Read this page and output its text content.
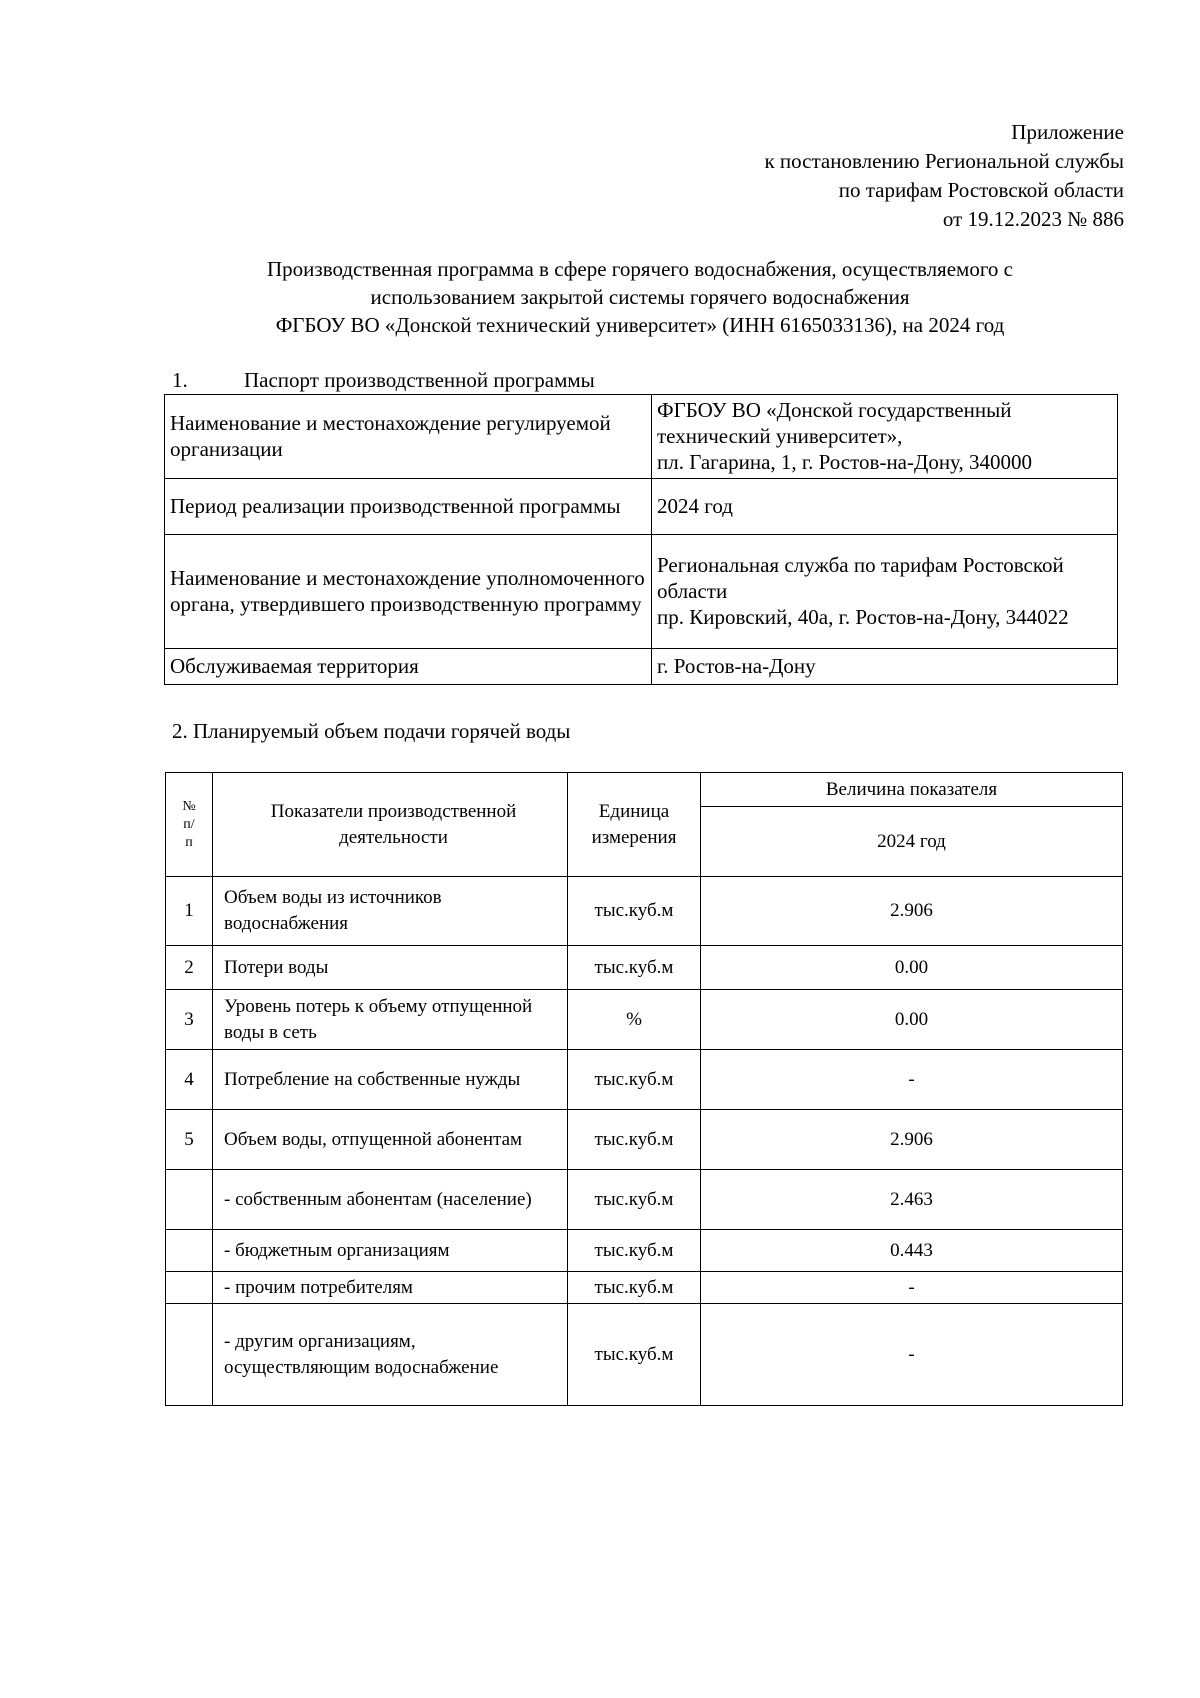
Приложение
к постановлению Региональной службы
по тарифам Ростовской области
от 19.12.2023 № 886
Производственная программа в сфере горячего водоснабжения, осуществляемого с
использованием закрытой системы горячего водоснабжения
ФГБОУ ВО «Донской технический университет» (ИНН 6165033136), на 2024 год
1.	Паспорт производственной программы
Наименование и местонахождение регулируемой организации	ФГБОУ ВО «Донской государственный технический университет»,
пл. Гагарина, 1, г. Ростов-на-Дону, 340000

Период реализации производственной программы	2024 год

Наименование и местонахождение уполномоченного органа, утвердившего производственную программу	Региональная служба по тарифам Ростовской области
пр. Кировский, 40а, г. Ростов-на-Дону, 344022

Обслуживаемая территория	г. Ростов-на-Дону
2. Планируемый объем подачи горячей воды
№
п/
п	Показатели производственной деятельности	Единица измерения	Величина показателя
			2024 год
1	Объем воды из источников водоснабжения	тыс.куб.м	2.906
2	Потери воды	тыс.куб.м	0.00
3	Уровень потерь к объему отпущенной воды в сеть	%	0.00
4	Потребление на собственные нужды	тыс.куб.м	-
5	Объем воды, отпущенной абонентам	тыс.куб.м	2.906
	- собственным абонентам (население)	тыс.куб.м	2.463
	- бюджетным организациям	тыс.куб.м	0.443
	- прочим потребителям	тыс.куб.м	-
	- другим организациям, осуществляющим водоснабжение	тыс.куб.м	-
